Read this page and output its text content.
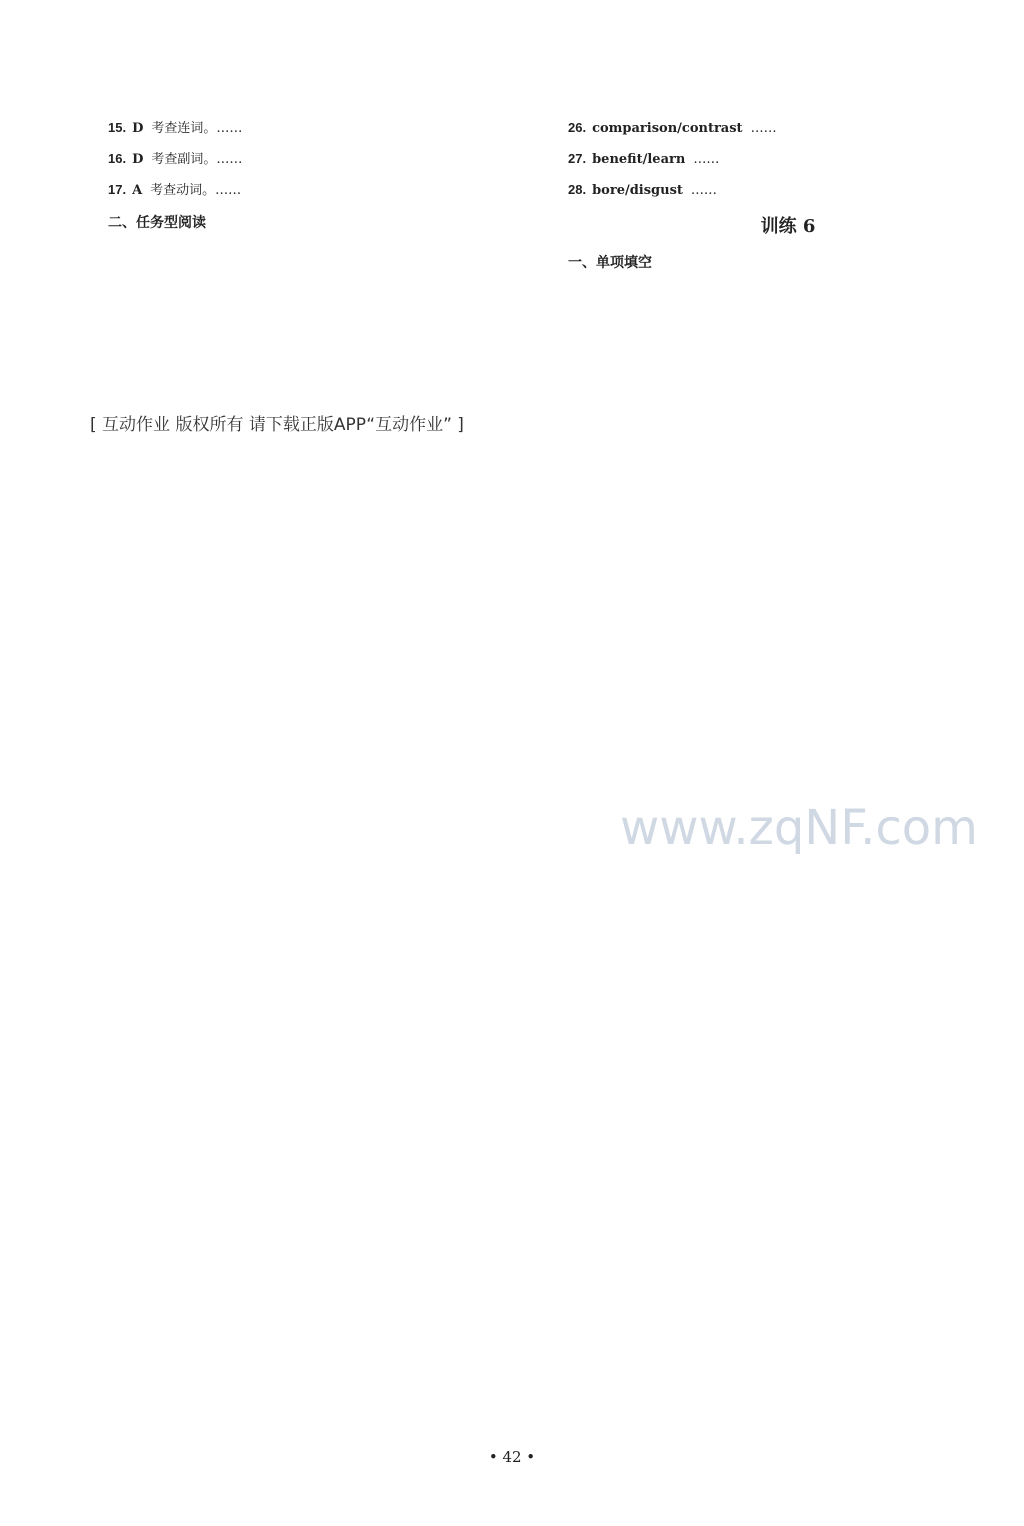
15. D 考查连词。……
16. D 考查副词。……
17. A 考查动词。……
二、任务型阅读
26. comparison/contrast ……
27. benefit/learn ……
28. bore/disgust ……
训练 6
一、单项填空
[ 互动作业 版权所有 请下载正版APP“互动作业” ]
www.zqNF.com
• 42 •
